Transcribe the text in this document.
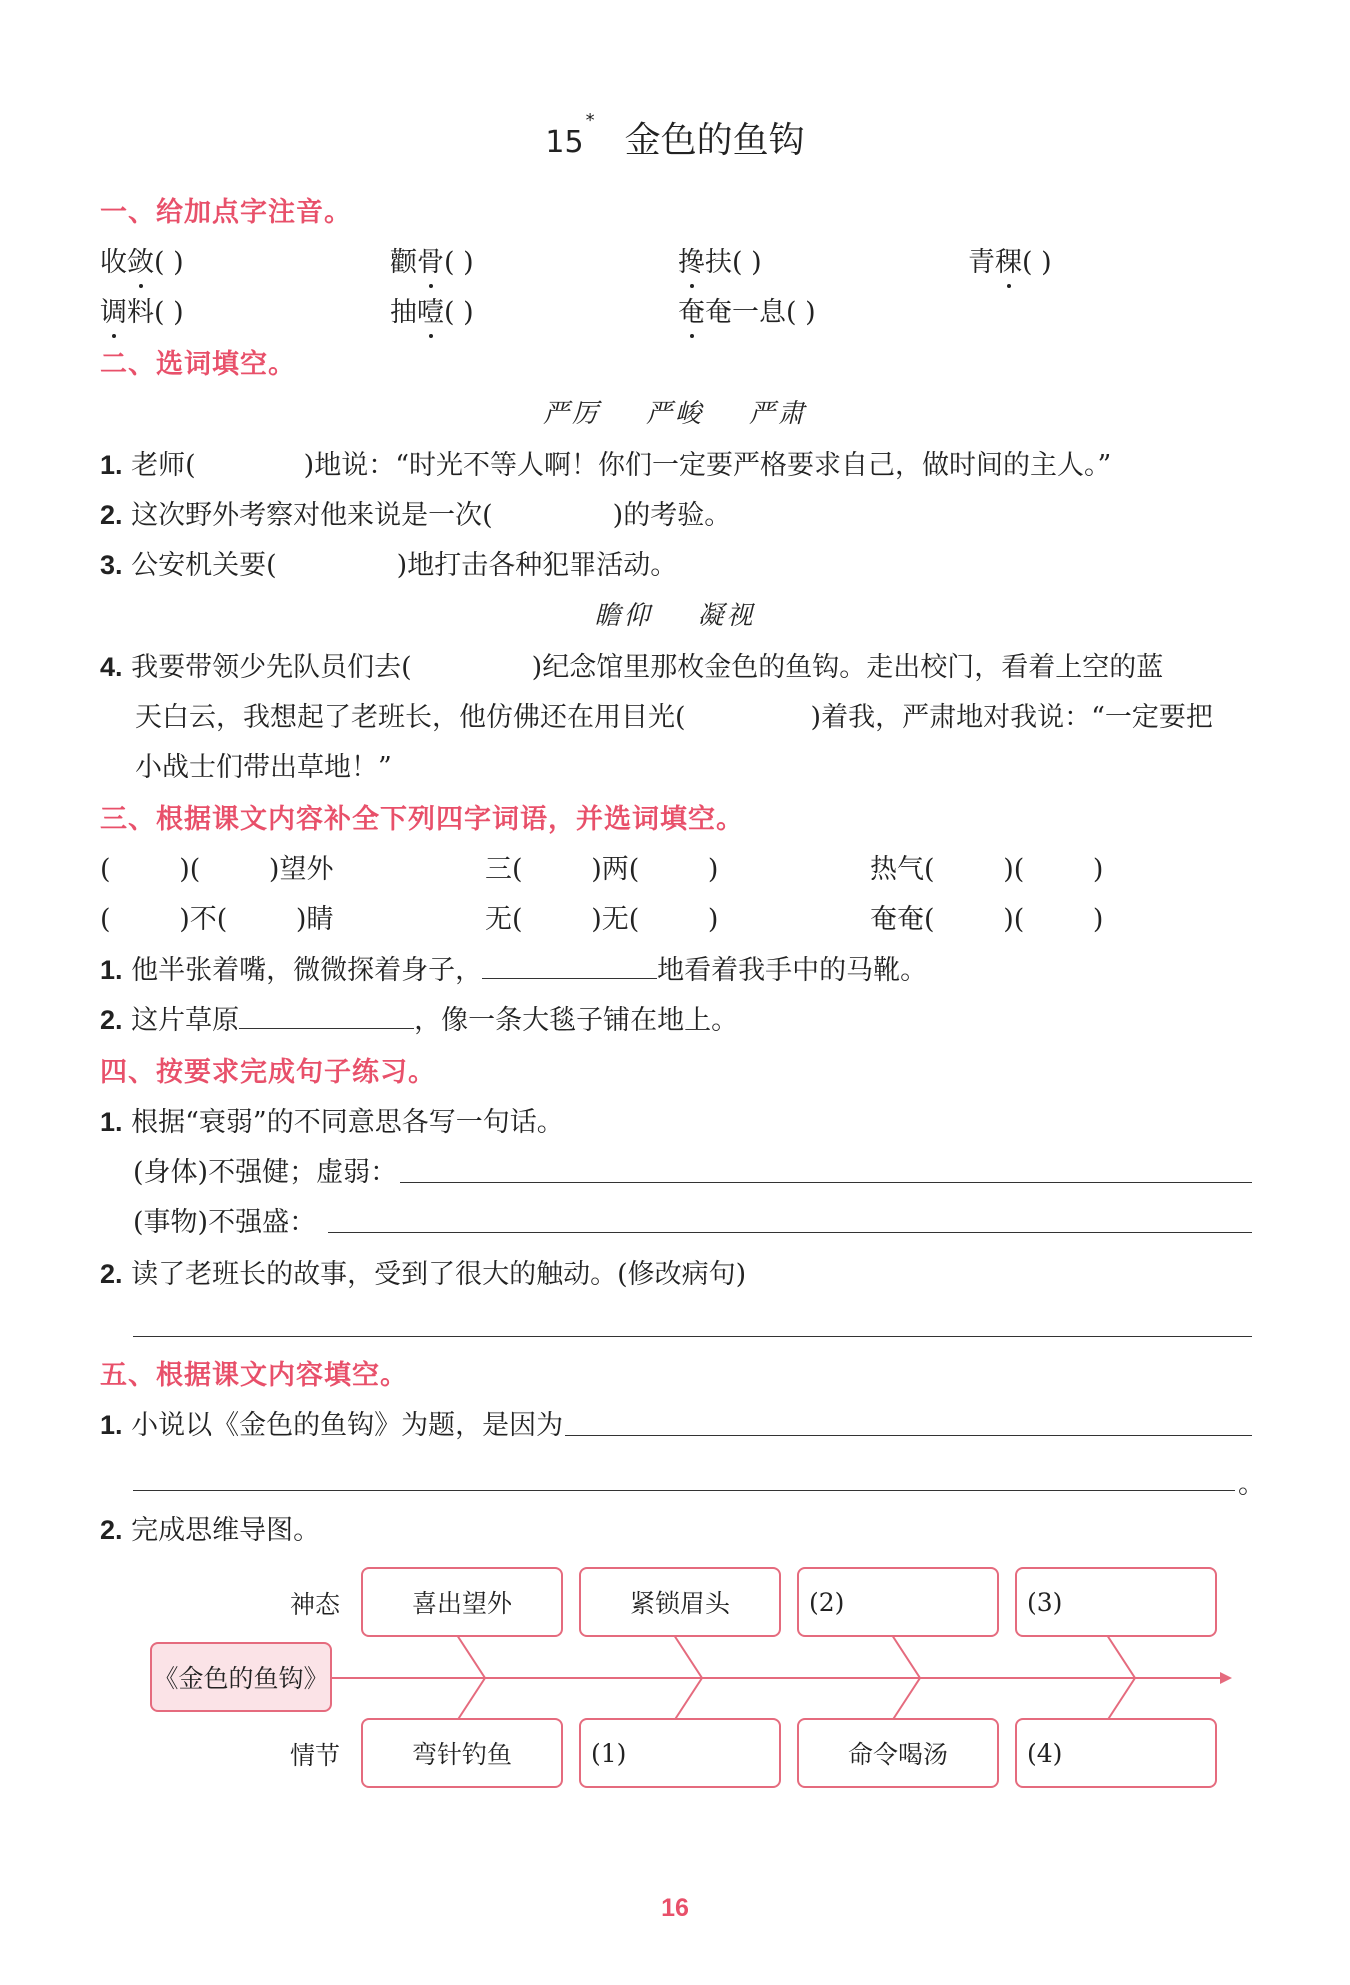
15* 金色的鱼钩
一、给加点字注音。
收敛( )	颧骨( )	搀扶( )	青稞( )
调料( )	抽噎( )	奄奄一息( )
二、选词填空。
严厉    严峻    严肃
1. 老师(	)地说：“时光不等人啊！你们一定要严格要求自己，做时间的主人。”
2. 这次野外考察对他来说是一次(	)的考验。
3. 公安机关要(	)地打击各种犯罪活动。
瞻仰    凝视
4. 我要带领少先队员们去(	)纪念馆里那枚金色的鱼钩。走出校门，看着上空的蓝
天白云，我想起了老班长，他仿佛还在用目光(	)着我，严肃地对我说：“一定要把
小战士们带出草地！”
三、根据课文内容补全下列四字词语，并选词填空。
(        )(        )望外	三(        )两(        )	热气(        )(        )
(        )不(        )睛	无(        )无(        )	奄奄(        )(        )
1. 他半张着嘴，微微探着身子，	地看着我手中的马靴。
2. 这片草原	，像一条大毯子铺在地上。
四、按要求完成句子练习。
1. 根据“衰弱”的不同意思各写一句话。
(身体)不强健；虚弱：
(事物)不强盛：
2. 读了老班长的故事，受到了很大的触动。(修改病句)
五、根据课文内容填空。
1. 小说以《金色的鱼钩》为题，是因为
。
2. 完成思维导图。
神态
情节
《金色的鱼钩》
喜出望外	紧锁眉头	(2)	(3)
弯针钓鱼	(1)	命令喝汤	(4)
16
